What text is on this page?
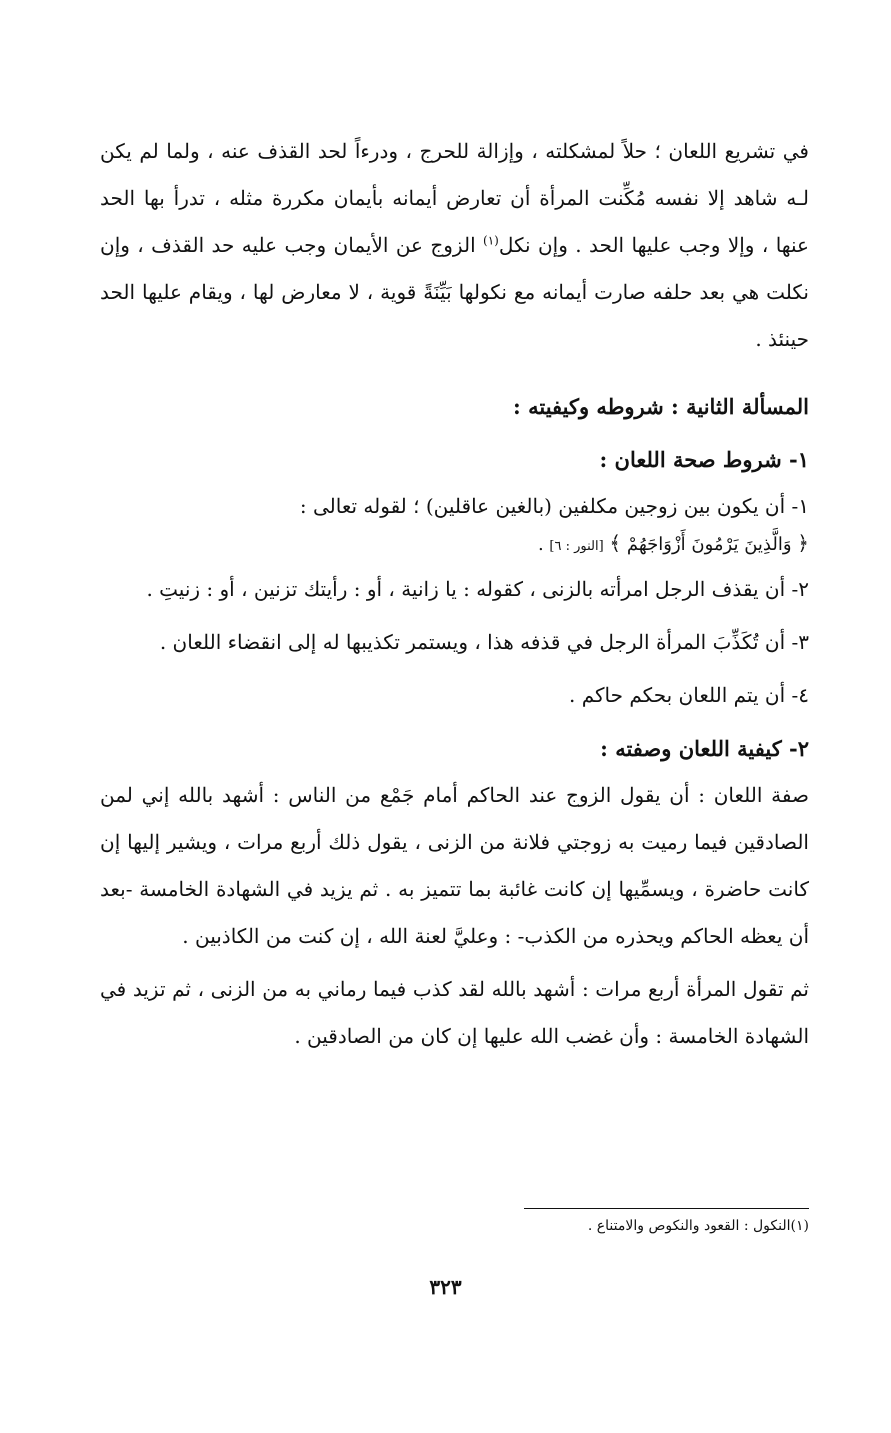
في تشريع اللعان ؛ حلاً لمشكلته ، وإزالة للحرج ، ودرءاً لحد القذف عنه ، ولما لم يكن لـه شاهد إلا نفسه مُكِّنت المرأة أن تعارض أيمانه بأيمان مكررة مثله ، تدرأ بها الحد عنها ، وإلا وجب عليها الحد . وإن نكل$^{(١)}$ الزوج عن الأيمان وجب عليه حد القذف ، وإن نكلت هي بعد حلفه صارت أيمانه مع نكولها بَيِّنَةً قوية ، لا معارض لها ، ويقام عليها الحد حينئذ .

المسألة الثانية : شروطه وكيفيته :
١- شروط صحة اللعان :

١- أن يكون بين زوجين مكلفين (بالغين عاقلين) ؛ لقوله تعالى :

﴿ وَالَّذِينَ يَرْمُونَ أَزْوَاجَهُمْ ﴾ [النور : ٦] .

٢- أن يقذف الرجل امرأته بالزنى ، كقوله : يا زانية ، أو : رأيتك تزنين ، أو : زنيتِ .

٣- أن تُكَذِّبَ المرأة الرجل في قذفه هذا ، ويستمر تكذيبها له إلى انقضاء اللعان .

٤- أن يتم اللعان بحكم حاكم .

٢- كيفية اللعان وصفته :

صفة اللعان : أن يقول الزوج عند الحاكم أمام جَمْع من الناس : أشهد بالله إني لمن الصادقين فيما رميت به زوجتي فلانة من الزنى ، يقول ذلك أربع مرات ، ويشير إليها إن كانت حاضرة ، ويسمِّيها إن كانت غائبة بما تتميز به . ثم يزيد في الشهادة الخامسة -بعد أن يعظه الحاكم ويحذره من الكذب- : وعليَّ لعنة الله ، إن كنت من الكاذبين .

ثم تقول المرأة أربع مرات : أشهد بالله لقد كذب فيما رماني به من الزنى ، ثم تزيد في الشهادة الخامسة : وأن غضب الله عليها إن كان من الصادقين .

(١)النكول : القعود والنكوص والامتناع .
٣٢٣
